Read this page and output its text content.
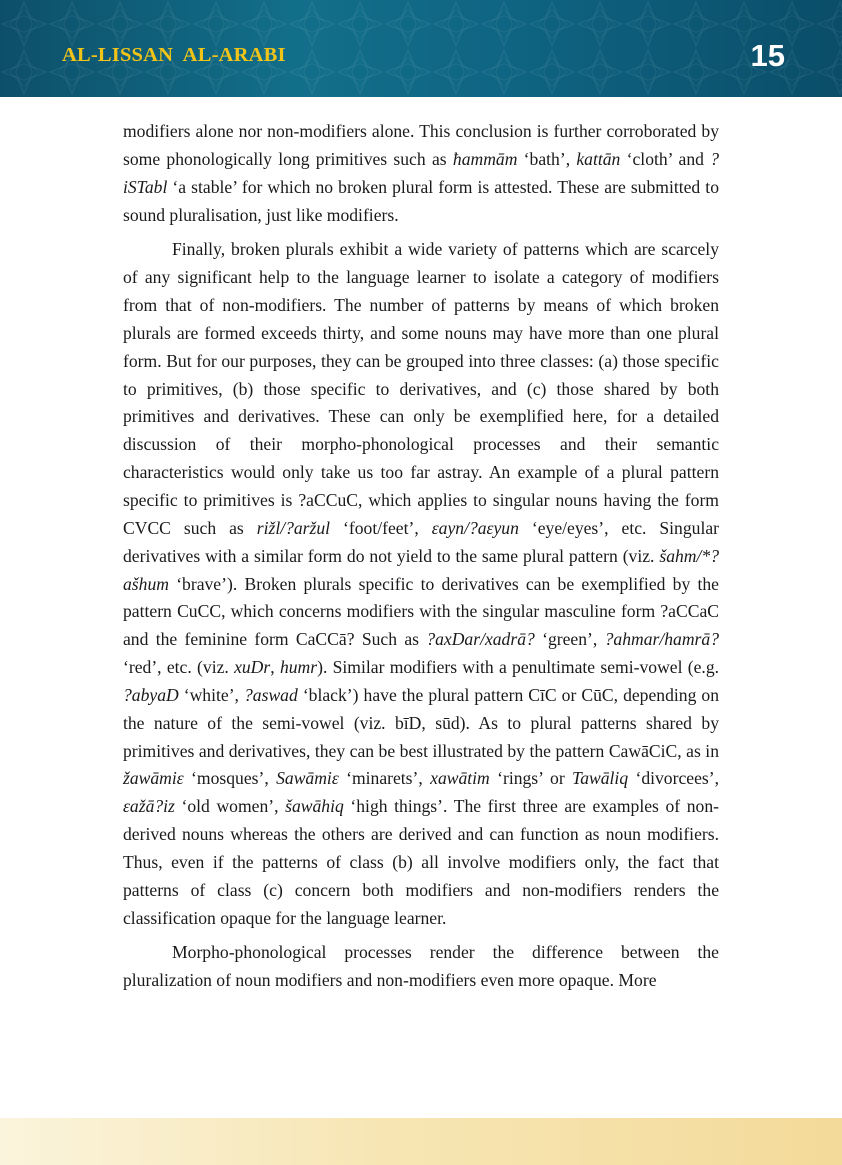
AL-LISSAN  AL-ARABI	15

modifiers alone nor non-modifiers alone. This conclusion is further corroborated by some phonologically long primitives such as ħammām ‘bath’, kattān ‘cloth’ and ?iSTabl ‘a stable’ for which no broken plural form is attested. These are submitted to sound pluralisation, just like modifiers.

Finally, broken plurals exhibit a wide variety of patterns which are scarcely of any significant help to the language learner to isolate a category of modifiers from that of non-modifiers. The number of patterns by means of which broken plurals are formed exceeds thirty, and some nouns may have more than one plural form. But for our purposes, they can be grouped into three classes: (a) those specific to primitives, (b) those specific to derivatives, and (c) those shared by both primitives and derivatives. These can only be exemplified here, for a detailed discussion of their morpho-phonological processes and their semantic characteristics would only take us too far astray. An example of a plural pattern specific to primitives is ?aCCuC, which applies to singular nouns having the form CVCC such as rižl/?aržul ‘foot/feet’, ɛayn/?aɛyun ‘eye/eyes’, etc. Singular derivatives with a similar form do not yield to the same plural pattern (viz. šahm/*?ašhum ‘brave’). Broken plurals specific to derivatives can be exemplified by the pattern CuCC, which concerns modifiers with the singular masculine form ?aCCaC and the feminine form CaCCā? Such as ?axDar/xadrā? ‘green’, ?ahmar/hamrā? ‘red’, etc. (viz. xuDr, humr). Similar modifiers with a penultimate semi-vowel (e.g. ?abyaD ‘white’, ?aswad ‘black’) have the plural pattern CīC or CūC, depending on the nature of the semi-vowel (viz. bīD, sūd). As to plural patterns shared by primitives and derivatives, they can be best illustrated by the pattern CawāCiC, as in žawāmiɛ ‘mosques’, Sawāmiɛ ‘minarets’, xawātim ‘rings’ or Tawāliq ‘divorcees’, ɛažā?iz ‘old women’, šawāhiq ‘high things’. The first three are examples of non-derived nouns whereas the others are derived and can function as noun modifiers. Thus, even if the patterns of class (b) all involve modifiers only, the fact that patterns of class (c) concern both modifiers and non-modifiers renders the classification opaque for the language learner.

Morpho-phonological processes render the difference between the pluralization of noun modifiers and non-modifiers even more opaque. More
